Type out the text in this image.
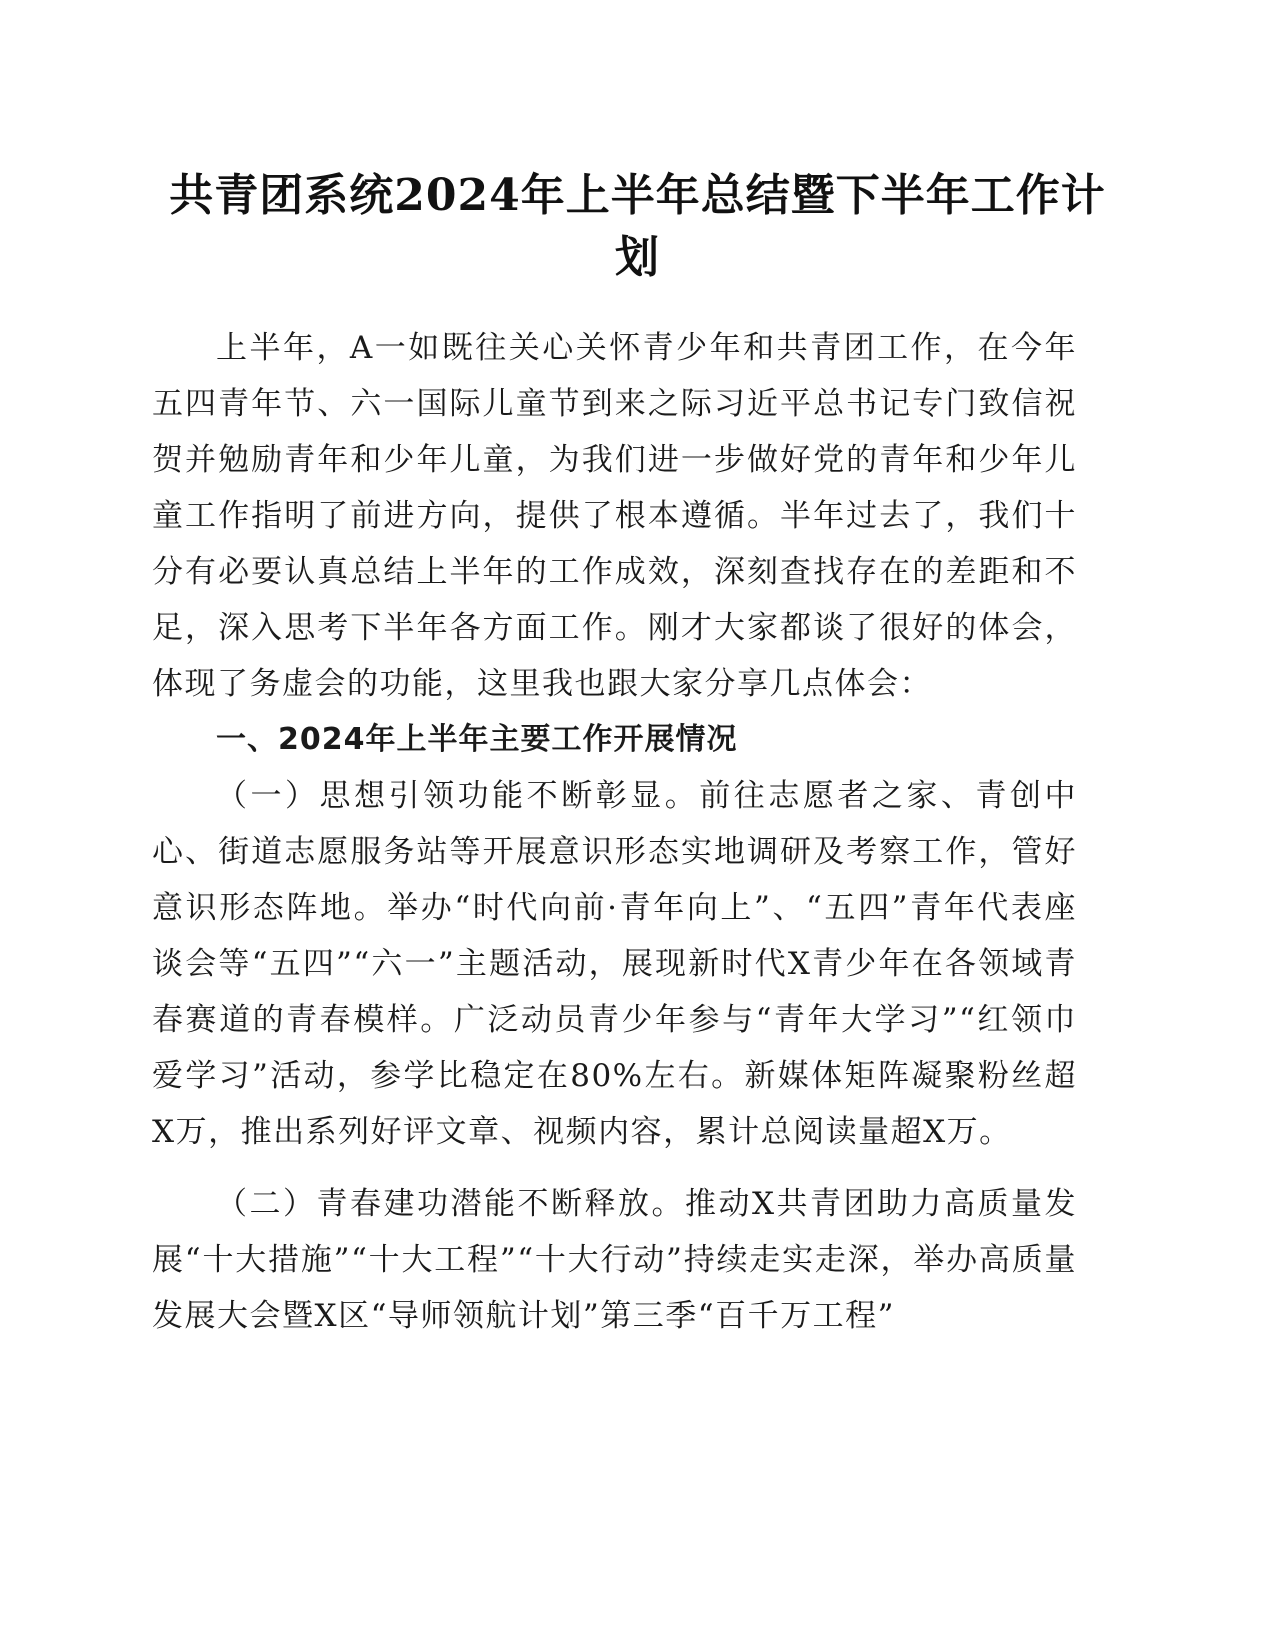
共青团系统2024年上半年总结暨下半年工作计划

上半年，A一如既往关心关怀青少年和共青团工作，在今年五四青年节、六一国际儿童节到来之际习近平总书记专门致信祝贺并勉励青年和少年儿童，为我们进一步做好党的青年和少年儿童工作指明了前进方向，提供了根本遵循。半年过去了，我们十分有必要认真总结上半年的工作成效，深刻查找存在的差距和不足，深入思考下半年各方面工作。刚才大家都谈了很好的体会，体现了务虚会的功能，这里我也跟大家分享几点体会：

一、2024年上半年主要工作开展情况

（一）思想引领功能不断彰显。前往志愿者之家、青创中心、街道志愿服务站等开展意识形态实地调研及考察工作，管好意识形态阵地。举办“时代向前·青年向上”、“五四”青年代表座谈会等“五四”“六一”主题活动，展现新时代X青少年在各领域青春赛道的青春模样。广泛动员青少年参与“青年大学习”“红领巾爱学习”活动，参学比稳定在80%左右。新媒体矩阵凝聚粉丝超X万，推出系列好评文章、视频内容，累计总阅读量超X万。

（二）青春建功潜能不断释放。推动X共青团助力高质量发展“十大措施”“十大工程”“十大行动”持续走实走深，举办高质量发展大会暨X区“导师领航计划”第三季“百千万工程”
